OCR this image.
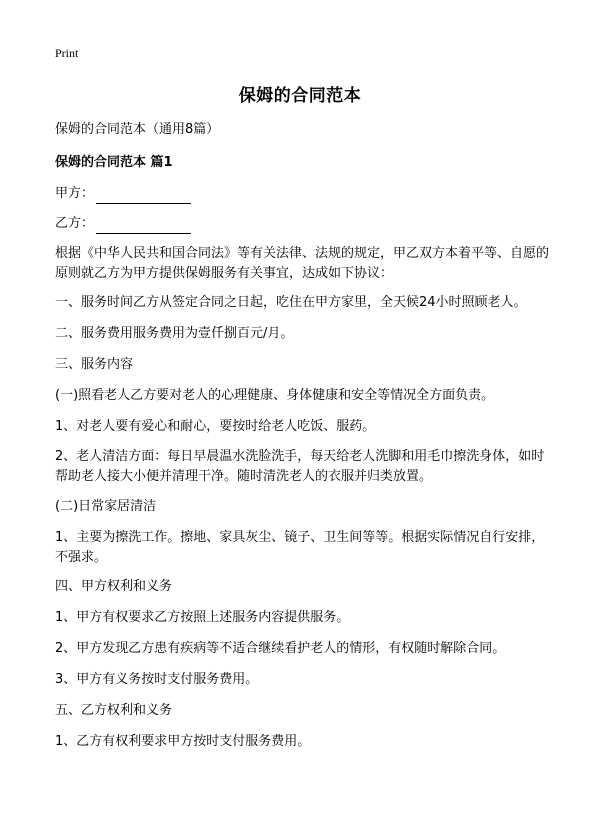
Print
保姆的合同范本
保姆的合同范本（通用8篇）
保姆的合同范本 篇1
甲方：
乙方：
根据《中华人民共和国合同法》等有关法律、法规的规定，甲乙双方本着平等、自愿的原则就乙方为甲方提供保姆服务有关事宜，达成如下协议：
一、服务时间乙方从签定合同之日起，吃住在甲方家里，全天候24小时照顾老人。
二、服务费用服务费用为壹仟捌百元/月。
三、服务内容
(一)照看老人乙方要对老人的心理健康、身体健康和安全等情况全方面负责。
1、对老人要有爱心和耐心，要按时给老人吃饭、服药。
2、老人清洁方面：每日早晨温水洗脸洗手，每天给老人洗脚和用毛巾擦洗身体，如时帮助老人接大小便并清理干净。随时清洗老人的衣服并归类放置。
(二)日常家居清洁
1、主要为擦洗工作。擦地、家具灰尘、镜子、卫生间等等。根据实际情况自行安排，不强求。
四、甲方权利和义务
1、甲方有权要求乙方按照上述服务内容提供服务。
2、甲方发现乙方患有疾病等不适合继续看护老人的情形，有权随时解除合同。
3、甲方有义务按时支付服务费用。
五、乙方权利和义务
1、乙方有权利要求甲方按时支付服务费用。
